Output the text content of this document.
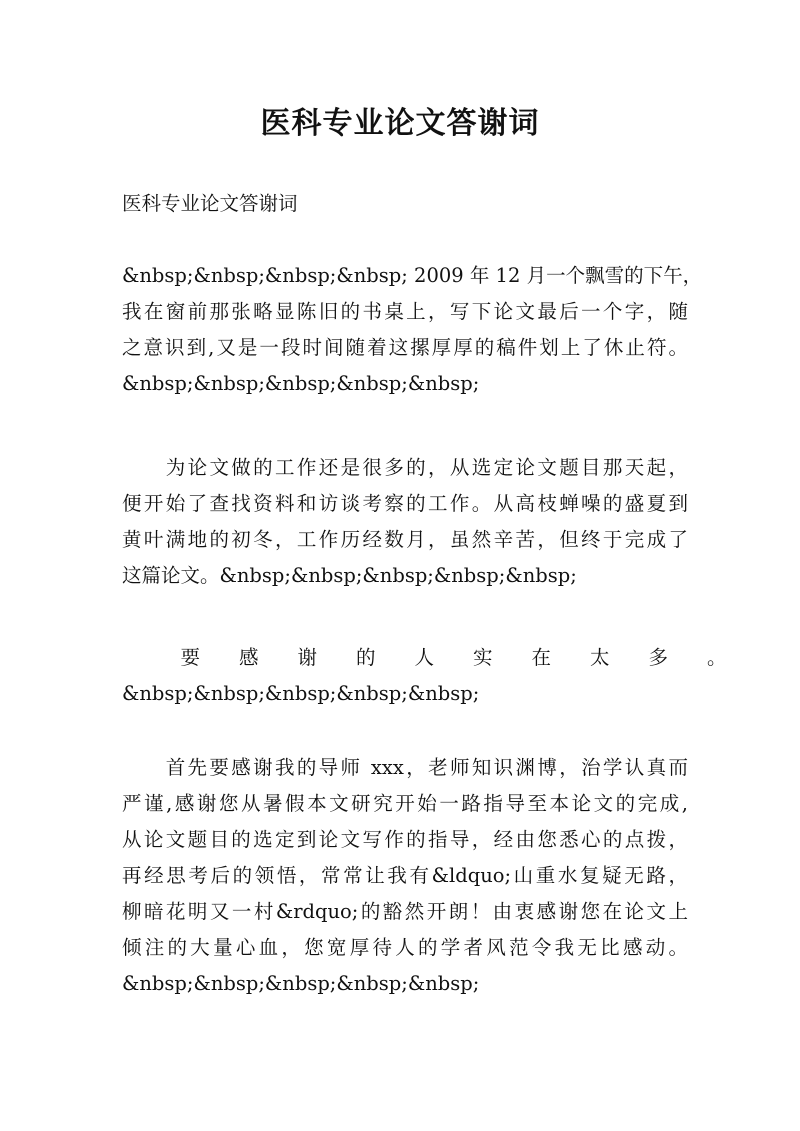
医科专业论文答谢词
医科专业论文答谢词
&nbsp;&nbsp;&nbsp;&nbsp; 2009 年 12 月一个飘雪的下午，
我在窗前那张略显陈旧的书桌上，写下论文最后一个字，随
之意识到,又是一段时间随着这摞厚厚的稿件划上了休止符。
&nbsp;&nbsp;&nbsp;&nbsp;&nbsp;
　　为论文做的工作还是很多的，从选定论文题目那天起，
便开始了查找资料和访谈考察的工作。从高枝蝉噪的盛夏到
黄叶满地的初冬，工作历经数月，虽然辛苦，但终于完成了
这篇论文。&nbsp;&nbsp;&nbsp;&nbsp;&nbsp;
　　　要　　感　　谢　　的　　人　　实　　在　　太　　多　　。
&nbsp;&nbsp;&nbsp;&nbsp;&nbsp;
　　首先要感谢我的导师 xxx，老师知识渊博，治学认真而
严谨,感谢您从暑假本文研究开始一路指导至本论文的完成,
从论文题目的选定到论文写作的指导，经由您悉心的点拨，
再经思考后的领悟，常常让我有&ldquo;山重水复疑无路，
柳暗花明又一村&rdquo;的豁然开朗！由衷感谢您在论文上
倾注的大量心血，您宽厚待人的学者风范令我无比感动。
&nbsp;&nbsp;&nbsp;&nbsp;&nbsp;
